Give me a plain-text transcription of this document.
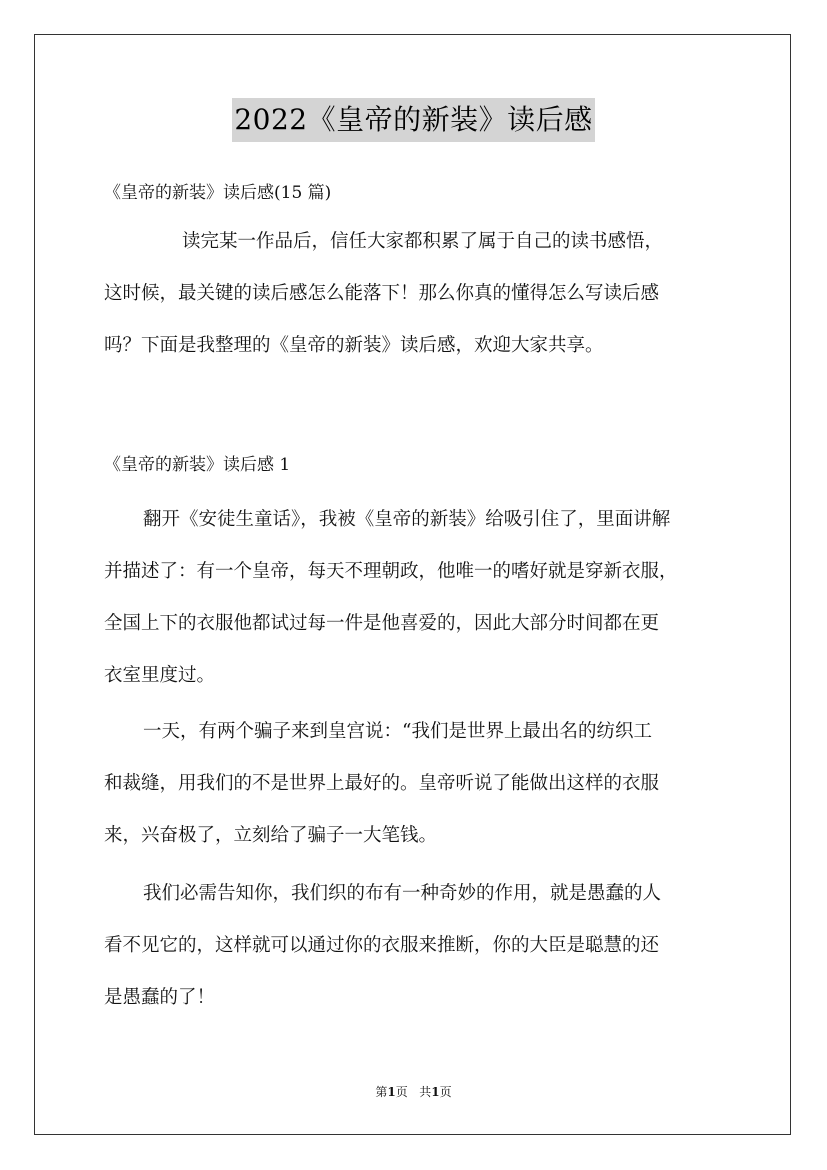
2022《皇帝的新装》读后感
《皇帝的新装》读后感(15 篇)

读完某一作品后，信任大家都积累了属于自己的读书感悟，
这时候，最关键的读后感怎么能落下！那么你真的懂得怎么写读后感
吗？下面是我整理的《皇帝的新装》读后感，欢迎大家共享。

《皇帝的新装》读后感 1

翻开《安徒生童话》，我被《皇帝的新装》给吸引住了，里面讲解
并描述了：有一个皇帝，每天不理朝政，他唯一的嗜好就是穿新衣服，
全国上下的衣服他都试过每一件是他喜爱的，因此大部分时间都在更
衣室里度过。

一天，有两个骗子来到皇宫说：“我们是世界上最出名的纺织工
和裁缝，用我们的不是世界上最好的。皇帝听说了能做出这样的衣服
来，兴奋极了，立刻给了骗子一大笔钱。

我们必需告知你，我们织的布有一种奇妙的作用，就是愚蠢的人
看不见它的，这样就可以通过你的衣服来推断，你的大臣是聪慧的还
是愚蠢的了！

第1页 共1页
